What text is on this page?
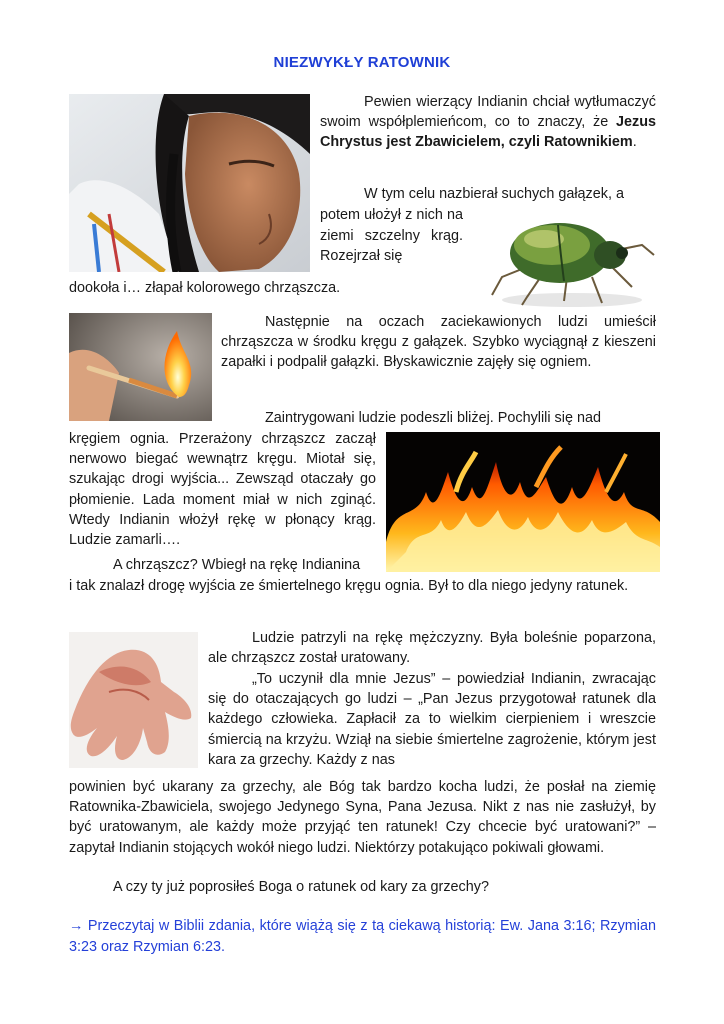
NIEZWYKŁY RATOWNIK
Pewien wierzący Indianin chciał wytłumaczyć swoim współplemieńcom, co to znaczy, że Jezus Chrystus jest Zbawicielem, czyli Ratownikiem.
W tym celu nazbierał suchych gałązek, a
potem ułożył z nich na ziemi szczelny krąg. Rozejrzał się
dookoła i… złapał kolorowego chrząszcza.
Następnie na oczach zaciekawionych ludzi umieścił chrząszcza w środku kręgu z gałązek. Szybko wyciągnął z kieszeni zapałki i podpalił gałązki. Błyskawicznie zajęły się ogniem.
Zaintrygowani ludzie podeszli bliżej. Pochylili się nad
kręgiem ognia. Przerażony chrząszcz zaczął nerwowo biegać wewnątrz kręgu. Miotał się, szukając drogi wyjścia... Zewsząd otaczały go płomienie. Lada moment miał w nich zginąć. Wtedy Indianin włożył rękę w płonący krąg. Ludzie zamarli….
A chrząszcz? Wbiegł na rękę Indianina
i tak znalazł drogę wyjścia ze śmiertelnego kręgu ognia. Był to dla niego jedyny ratunek.
Ludzie patrzyli na rękę mężczyzny. Była boleśnie poparzona, ale chrząszcz został uratowany.
„To uczynił dla mnie Jezus” – powiedział Indianin, zwracając się do otaczających go ludzi – „Pan Jezus przygotował ratunek dla każdego człowieka. Zapłacił za to wielkim cierpieniem i wreszcie śmiercią na krzyżu. Wziął na siebie śmiertelne zagrożenie, którym jest kara za grzechy. Każdy z nas
powinien być ukarany za grzechy, ale Bóg tak bardzo kocha ludzi, że posłał na ziemię Ratownika-Zbawiciela, swojego Jedynego Syna, Pana Jezusa. Nikt z nas nie zasłużył, by być uratowanym, ale każdy może przyjąć ten ratunek! Czy chcecie być uratowani?” – zapytał Indianin stojących wokół niego ludzi. Niektórzy potakująco pokiwali głowami.
A czy ty już poprosiłeś Boga o ratunek od kary za grzechy?
→ Przeczytaj w Biblii zdania, które wiążą się z tą ciekawą historią: Ew. Jana 3:16; Rzymian 3:23 oraz Rzymian 6:23.
